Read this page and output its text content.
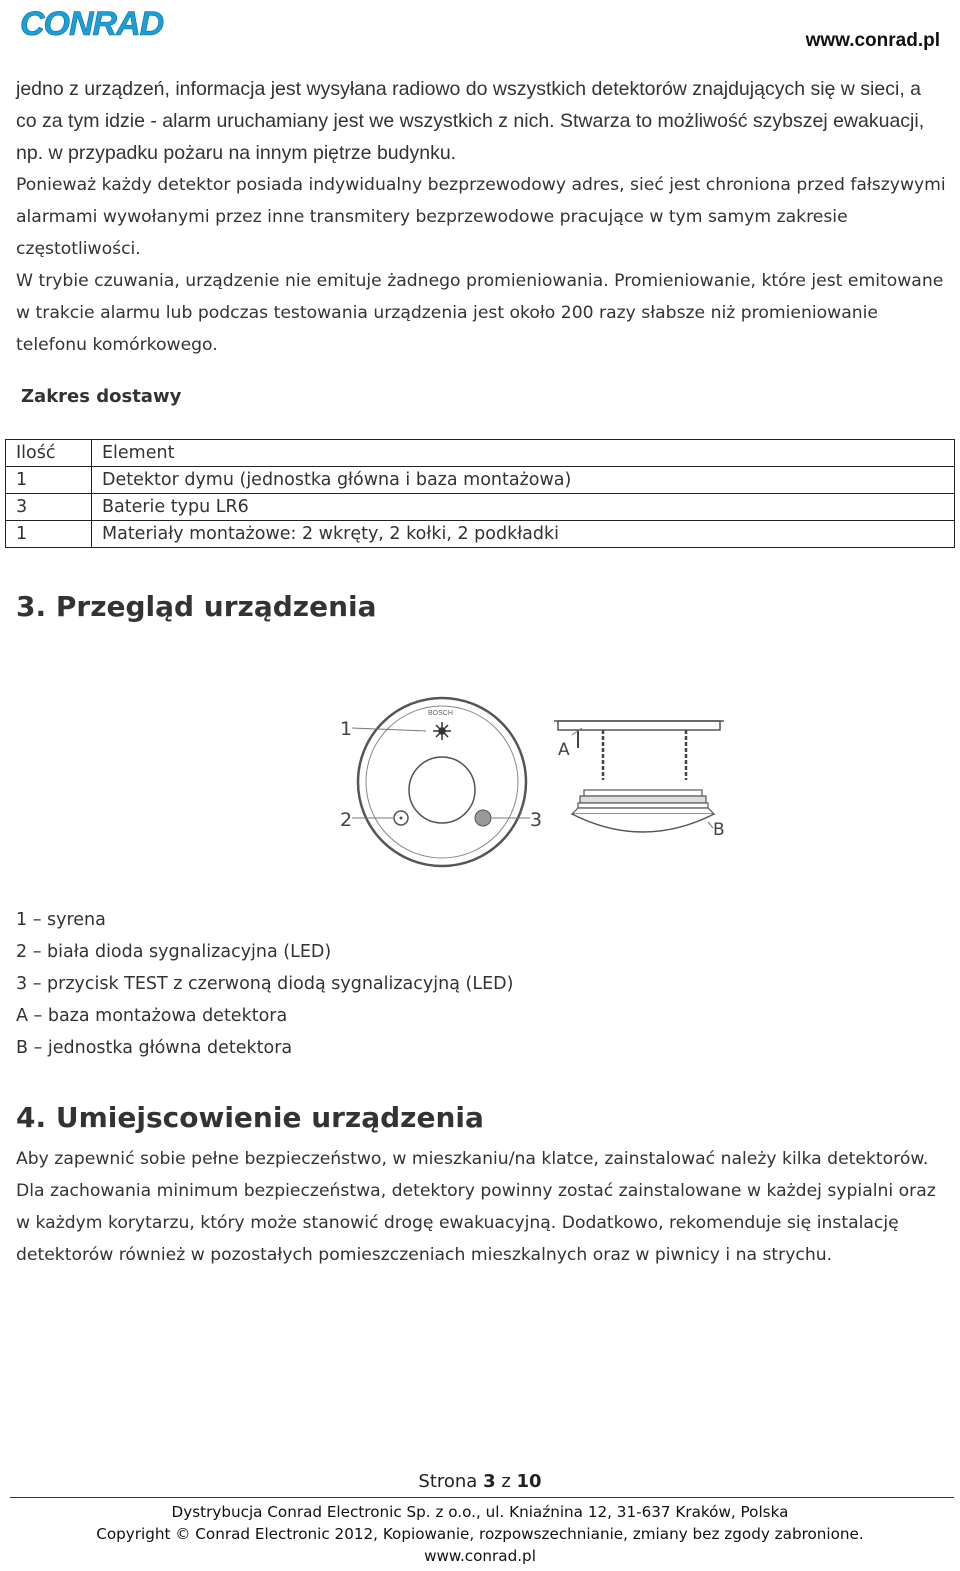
CONRAD	www.conrad.pl
jedno z urządzeń, informacja jest wysyłana radiowo do wszystkich detektorów znajdujących się w sieci, a co za tym idzie - alarm uruchamiany jest we wszystkich z nich. Stwarza to możliwość szybszej ewakuacji, np. w przypadku pożaru na innym piętrze budynku.
Ponieważ każdy detektor posiada indywidualny bezprzewodowy adres, sieć jest chroniona przed fałszywymi alarmami wywołanymi przez inne transmitery bezprzewodowe pracujące w tym samym zakresie częstotliwości.
W trybie czuwania, urządzenie nie emituje żadnego promieniowania. Promieniowanie, które jest emitowane w trakcie alarmu lub podczas testowania urządzenia jest około 200 razy słabsze niż promieniowanie telefonu komórkowego.
Zakres dostawy
Ilość	Element
1	Detektor dymu (jednostka główna i baza montażowa)
3	Baterie typu LR6
1	Materiały montażowe: 2 wkręty, 2 kołki, 2 podkładki
3. Przegląd urządzenia
BOSCH
1
2	3
A
B
1 – syrena
2 – biała dioda sygnalizacyjna (LED)
3 – przycisk TEST z czerwoną diodą sygnalizacyjną (LED)
A – baza montażowa detektora
B – jednostka główna detektora
4. Umiejscowienie urządzenia
Aby zapewnić sobie pełne bezpieczeństwo, w mieszkaniu/na klatce, zainstalować należy kilka detektorów. Dla zachowania minimum bezpieczeństwa, detektory powinny zostać zainstalowane w każdej sypialni oraz w każdym korytarzu, który może stanowić drogę ewakuacyjną. Dodatkowo, rekomenduje się instalację detektorów również w pozostałych pomieszczeniach mieszkalnych oraz w piwnicy i na strychu.
Strona 3 z 10
Dystrybucja Conrad Electronic Sp. z o.o., ul. Kniaźnina 12, 31-637 Kraków, Polska
Copyright © Conrad Electronic 2012, Kopiowanie, rozpowszechnianie, zmiany bez zgody zabronione.
www.conrad.pl
